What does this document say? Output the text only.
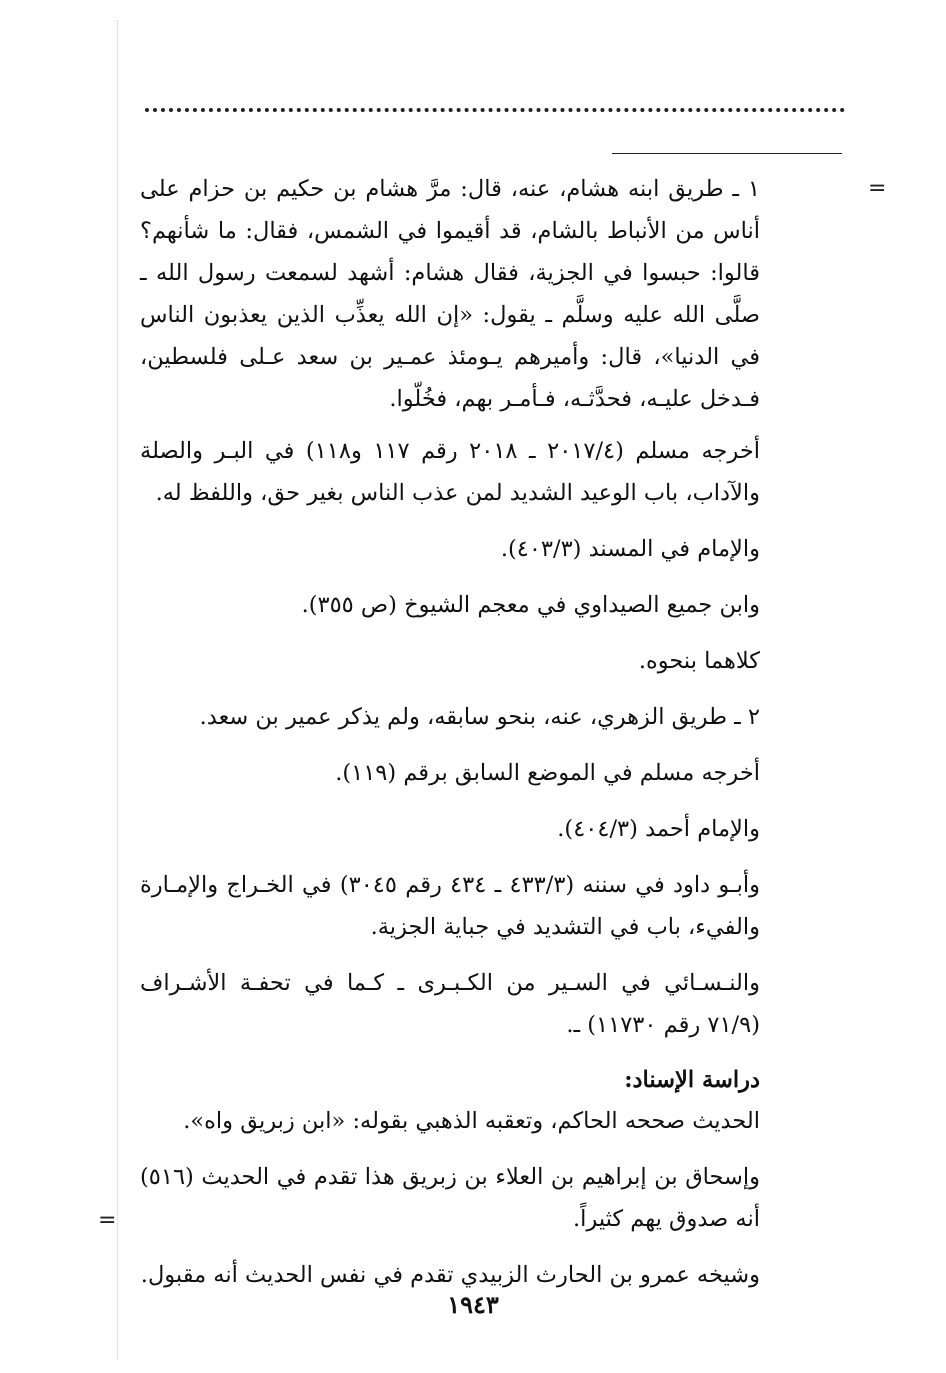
=
=

١ ـ طريق ابنه هشام، عنه، قال: مرَّ هشام بن حكيم بن حزام على أناس من الأنباط بالشام، قد أقيموا في الشمس، فقال: ما شأنهم؟ قالوا: حبسوا في الجزية، فقال هشام: أشهد لسمعت رسول الله ـ صلَّى الله عليه وسلَّم ـ يقول: «إن الله يعذِّب الذين يعذبون الناس في الدنيا»، قال: وأميرهم يـومئذ عمـير بن سعد عـلى فلسطين، فـدخل عليـه، فحدَّثـه، فـأمـر بهم، فخُلّوا.

أخرجه مسلم (٢٠١٧/٤ ـ ٢٠١٨ رقم ١١٧ و١١٨) في البـر والصلة والآداب، باب الوعيد الشديد لمن عذب الناس بغير حق، واللفظ له.

والإمام في المسند (٤٠٣/٣).

وابن جميع الصيداوي في معجم الشيوخ (ص ٣٥٥).

كلاهما بنحوه.

٢ ـ طريق الزهري، عنه، بنحو سابقه، ولم يذكر عمير بن سعد.

أخرجه مسلم في الموضع السابق برقم (١١٩).

والإمام أحمد (٤٠٤/٣).

وأبـو داود في سننه (٤٣٣/٣ ـ ٤٣٤ رقم ٣٠٤٥) في الخـراج والإمـارة والفيء، باب في التشديد في جباية الجزية.

والنـسـائي في السـير من الكـبـرى ـ كـما في تحفـة الأشـراف (٧١/٩ رقم ١١٧٣٠) ـ.

دراسة الإسناد:

الحديث صححه الحاكم، وتعقبه الذهبي بقوله: «ابن زبريق واه».

وإسحاق بن إبراهيم بن العلاء بن زبريق هذا تقدم في الحديث (٥١٦) أنه صدوق يهم كثيراً.

وشيخه عمرو بن الحارث الزبيدي تقدم في نفس الحديث أنه مقبول.

١٩٤٣
